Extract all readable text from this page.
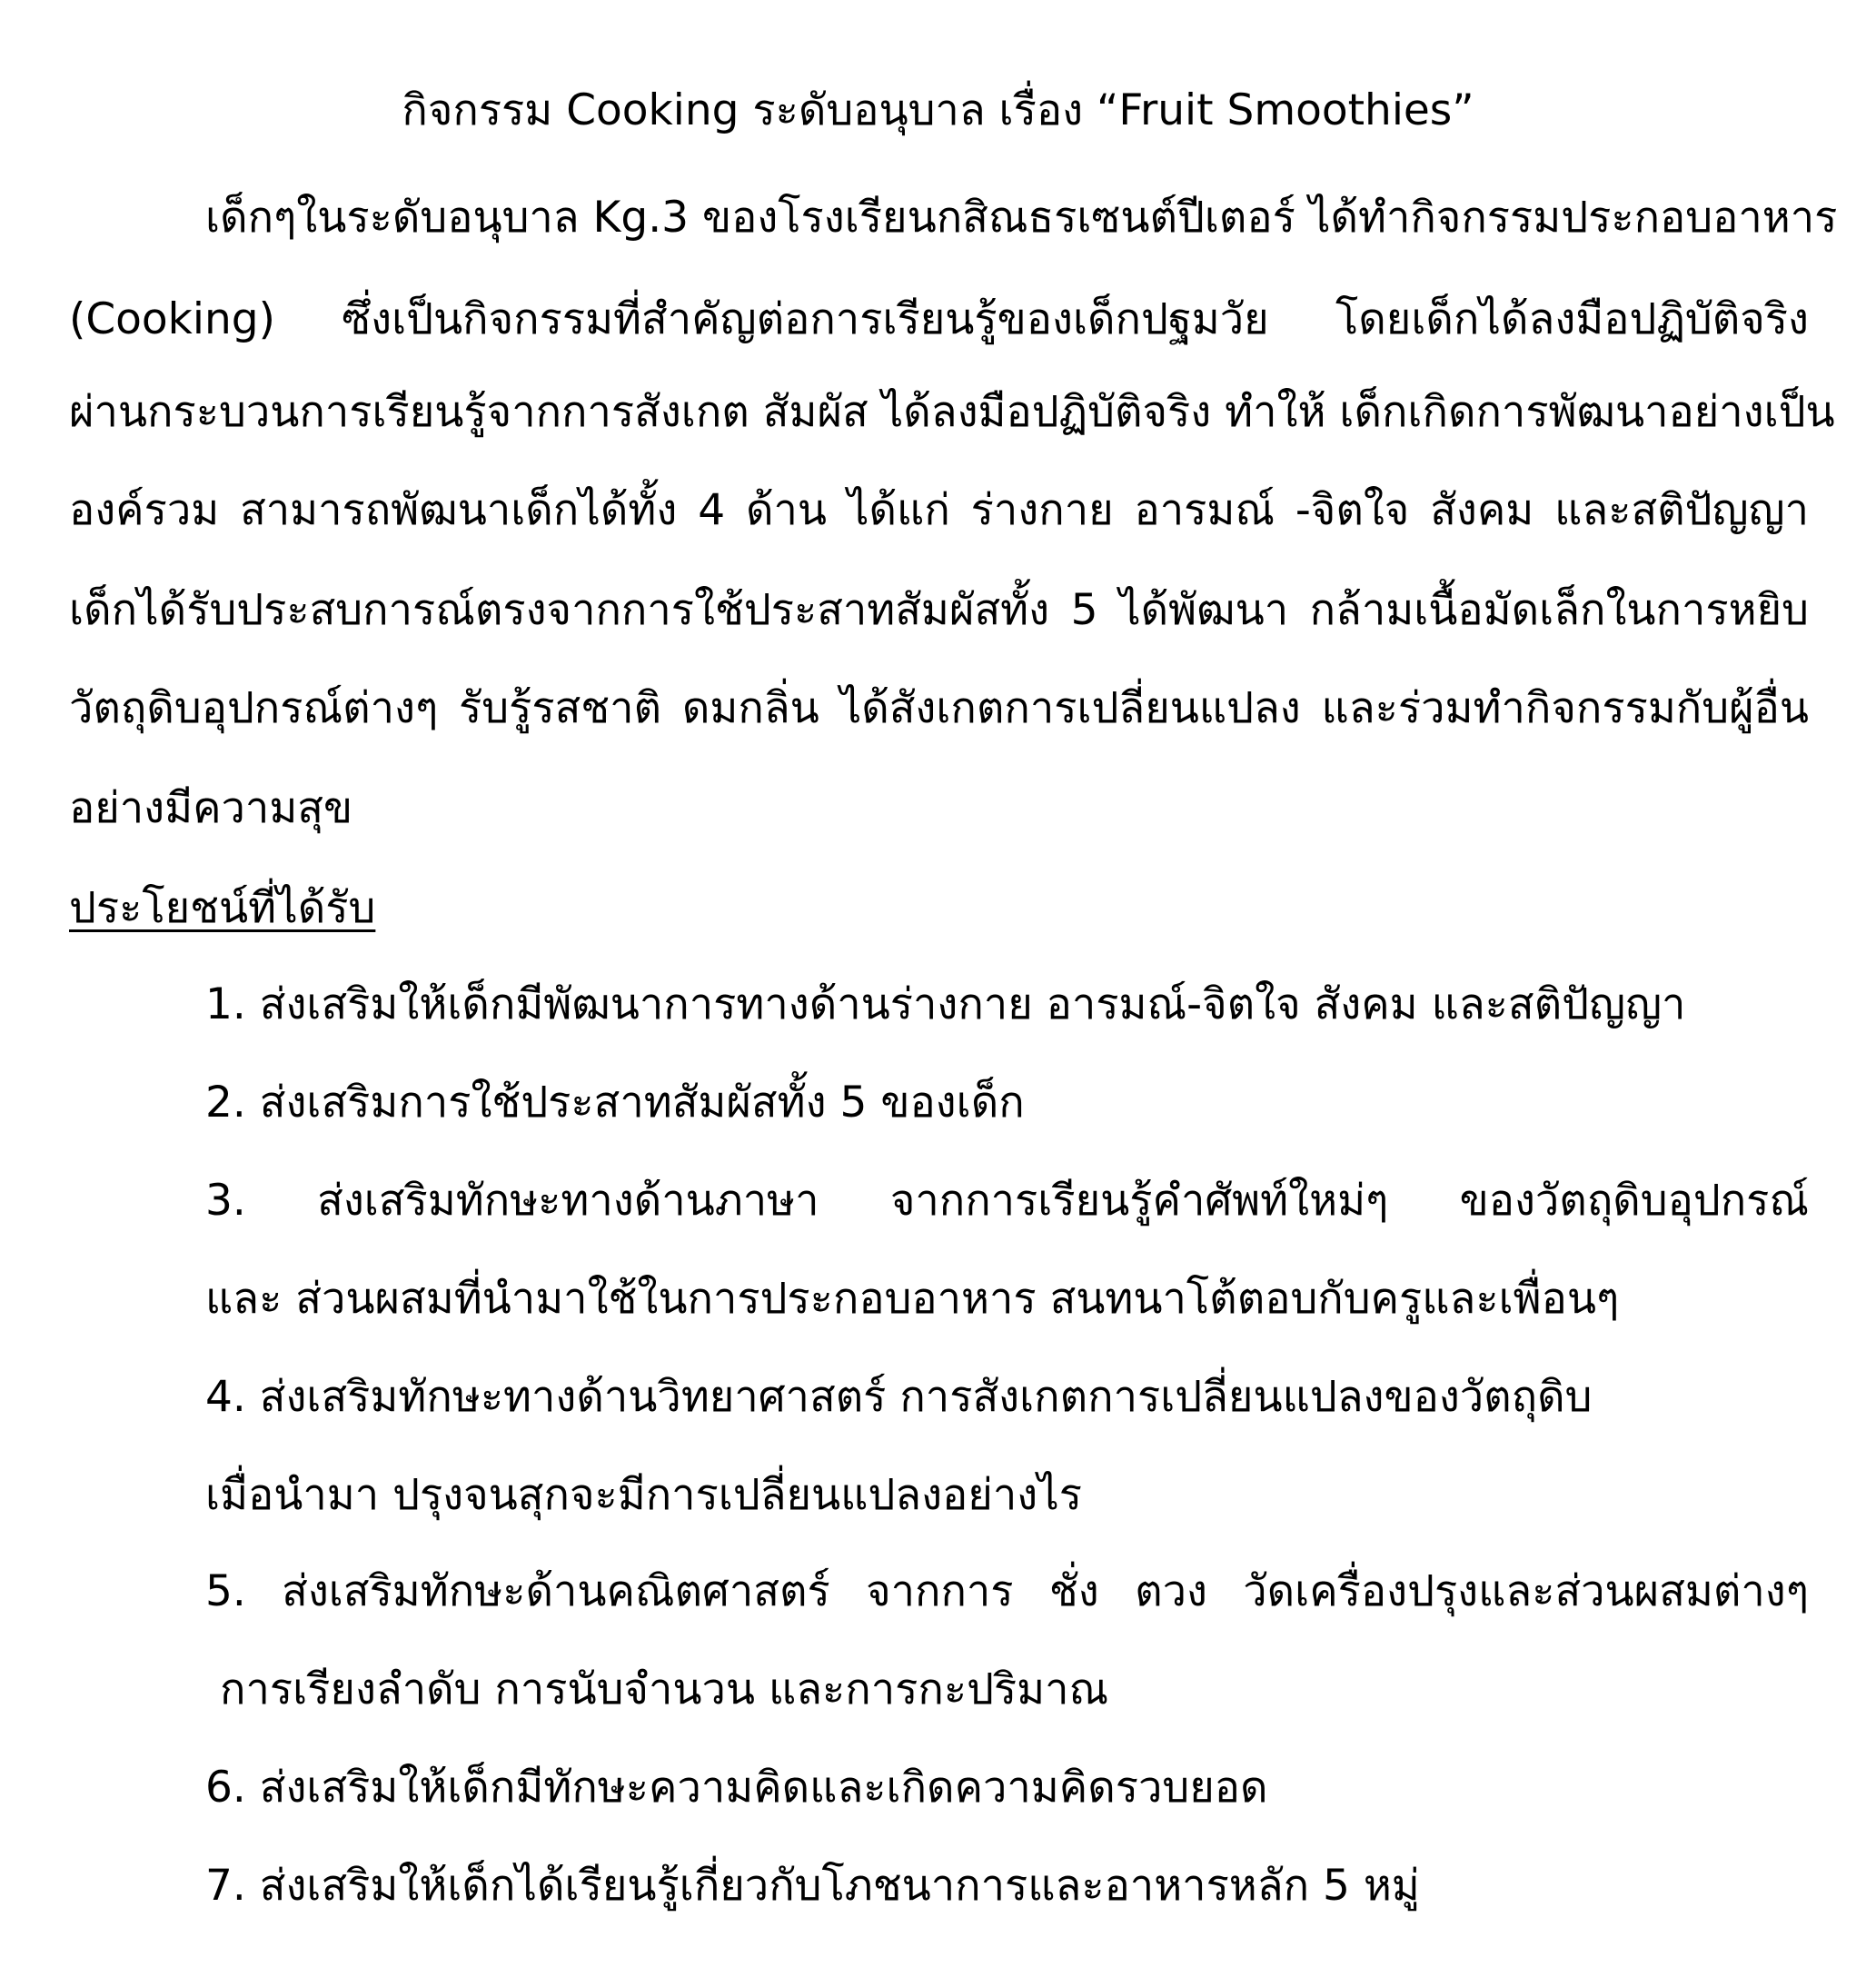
กิจกรรม Cooking ระดับอนุบาล เรื่อง “Fruit Smoothies”
เด็กๆในระดับอนุบาล Kg.3 ของโรงเรียนกสิณธรเซนต์ปีเตอร์ ได้ทำกิจกรรมประกอบอาหาร
(Cooking) ซึ่งเป็นกิจกรรมที่สำคัญต่อการเรียนรู้ของเด็กปฐมวัย โดยเด็กได้ลงมือปฏิบัติจริง
ผ่านกระบวนการเรียนรู้จากการสังเกต สัมผัส ได้ลงมือปฏิบัติจริง ทำให้ เด็กเกิดการพัฒนาอย่างเป็น
องค์รวม สามารถพัฒนาเด็กได้ทั้ง 4 ด้าน ได้แก่ ร่างกาย อารมณ์ -จิตใจ สังคม และสติปัญญา
เด็กได้รับประสบการณ์ตรงจากการใช้ประสาทสัมผัสทั้ง 5 ได้พัฒนา กล้ามเนื้อมัดเล็กในการหยิบ
วัตถุดิบอุปกรณ์ต่างๆ รับรู้รสชาติ ดมกลิ่น ได้สังเกตการเปลี่ยนแปลง และร่วมทำกิจกรรมกับผู้อื่น
อย่างมีความสุข
ประโยชน์ที่ได้รับ
1. ส่งเสริมให้เด็กมีพัฒนาการทางด้านร่างกาย อารมณ์-จิตใจ สังคม และสติปัญญา
2. ส่งเสริมการใช้ประสาทสัมผัสทั้ง 5 ของเด็ก
3. ส่งเสริมทักษะทางด้านภาษา จากการเรียนรู้คำศัพท์ใหม่ๆ ของวัตถุดิบอุปกรณ์
และ ส่วนผสมที่นำมาใช้ในการประกอบอาหาร สนทนาโต้ตอบกับครูและเพื่อนๆ
4. ส่งเสริมทักษะทางด้านวิทยาศาสตร์ การสังเกตการเปลี่ยนแปลงของวัตถุดิบ
เมื่อนำมา ปรุงจนสุกจะมีการเปลี่ยนแปลงอย่างไร
5. ส่งเสริมทักษะด้านคณิตศาสตร์ จากการ ชั่ง ตวง วัดเครื่องปรุงและส่วนผสมต่างๆ
การเรียงลำดับ การนับจำนวน และการกะปริมาณ
6. ส่งเสริมให้เด็กมีทักษะความคิดและเกิดความคิดรวบยอด
7. ส่งเสริมให้เด็กได้เรียนรู้เกี่ยวกับโภชนาการและอาหารหลัก 5 หมู่
